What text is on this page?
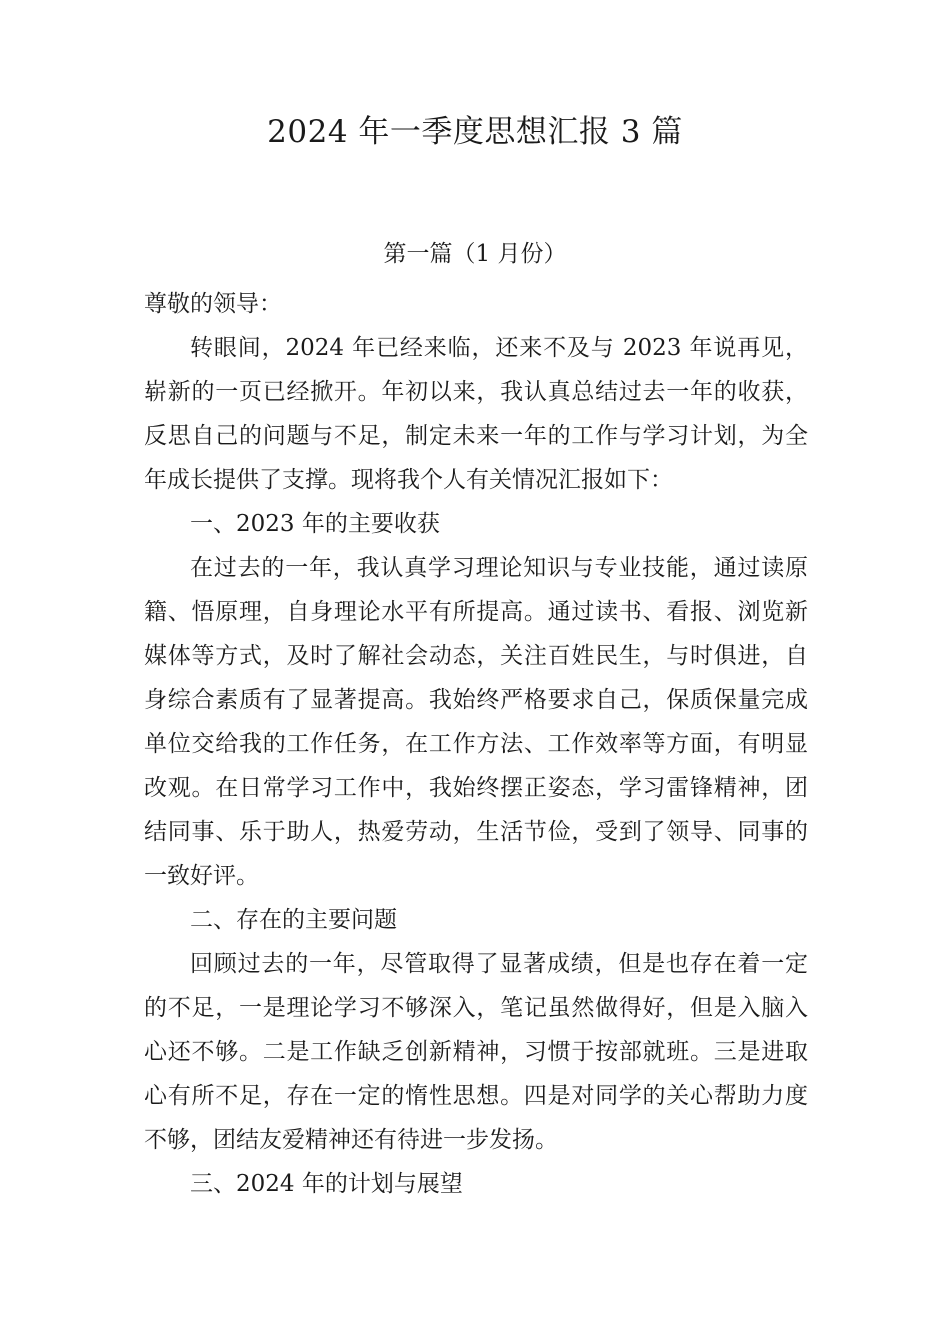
2024 年一季度思想汇报 3 篇
第一篇（1 月份）

尊敬的领导：

转眼间，2024 年已经来临，还来不及与 2023 年说再见，崭新的一页已经掀开。年初以来，我认真总结过去一年的收获，反思自己的问题与不足，制定未来一年的工作与学习计划，为全年成长提供了支撑。现将我个人有关情况汇报如下：

一、2023 年的主要收获

在过去的一年，我认真学习理论知识与专业技能，通过读原籍、悟原理，自身理论水平有所提高。通过读书、看报、浏览新媒体等方式，及时了解社会动态，关注百姓民生，与时俱进，自身综合素质有了显著提高。我始终严格要求自己，保质保量完成单位交给我的工作任务，在工作方法、工作效率等方面，有明显改观。在日常学习工作中，我始终摆正姿态，学习雷锋精神，团结同事、乐于助人，热爱劳动，生活节俭，受到了领导、同事的一致好评。

二、存在的主要问题

回顾过去的一年，尽管取得了显著成绩，但是也存在着一定的不足，一是理论学习不够深入，笔记虽然做得好，但是入脑入心还不够。二是工作缺乏创新精神，习惯于按部就班。三是进取心有所不足，存在一定的惰性思想。四是对同学的关心帮助力度不够，团结友爱精神还有待进一步发扬。

三、2024 年的计划与展望
